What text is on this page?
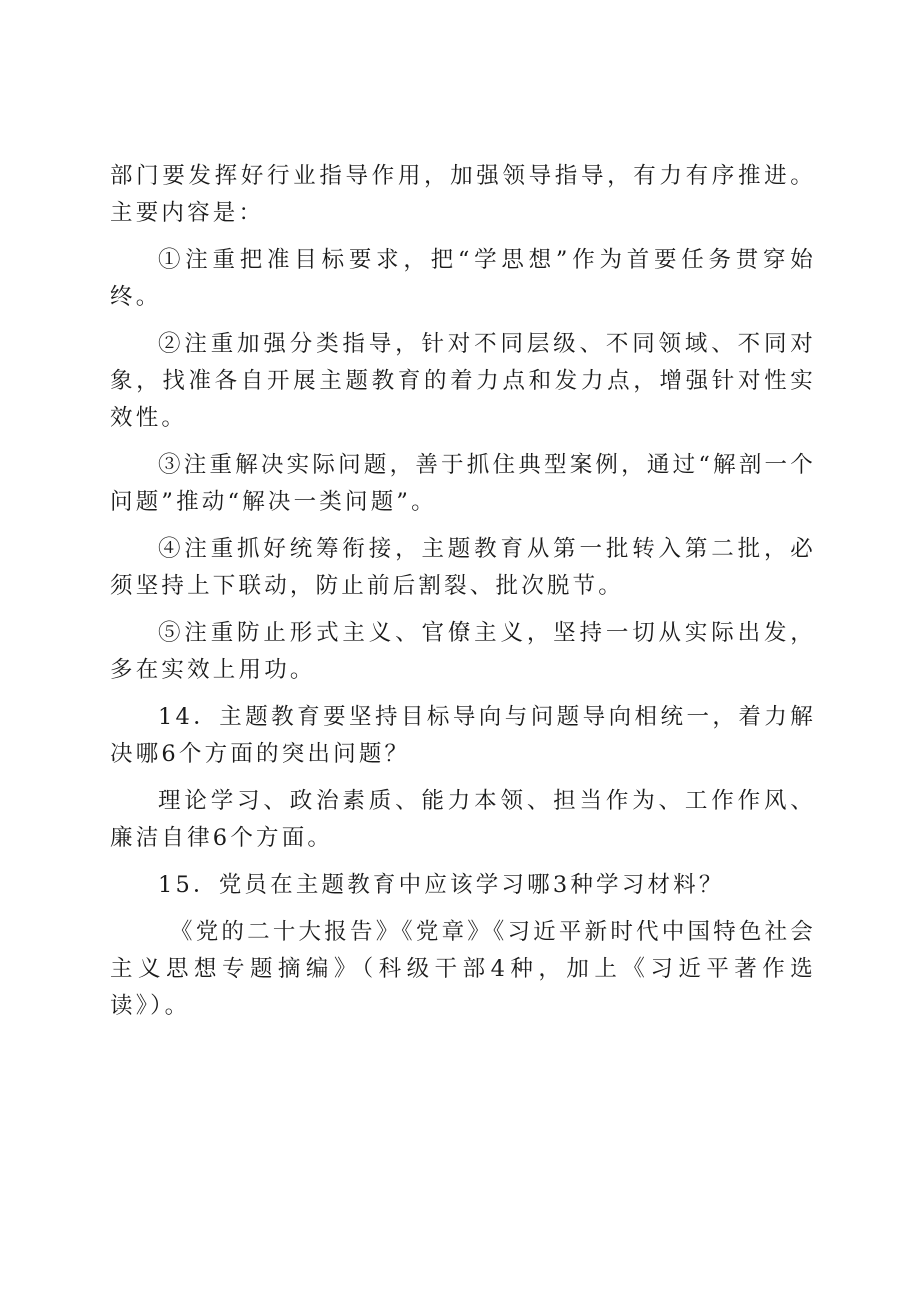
部门要发挥好行业指导作用，加强领导指导，有力有序推进。主要内容是：

①注重把准目标要求，把“学思想”作为首要任务贯穿始终。

②注重加强分类指导，针对不同层级、不同领域、不同对象，找准各自开展主题教育的着力点和发力点，增强针对性实效性。

③注重解决实际问题，善于抓住典型案例，通过“解剖一个问题”推动“解决一类问题”。

④注重抓好统筹衔接，主题教育从第一批转入第二批，必须坚持上下联动，防止前后割裂、批次脱节。

⑤注重防止形式主义、官僚主义，坚持一切从实际出发，多在实效上用功。

14．主题教育要坚持目标导向与问题导向相统一，着力解决哪6个方面的突出问题？

理论学习、政治素质、能力本领、担当作为、工作作风、廉洁自律6个方面。

15．党员在主题教育中应该学习哪3种学习材料？

《党的二十大报告》《党章》《习近平新时代中国特色社会主义思想专题摘编》（科级干部4种，加上《习近平著作选读》）。
